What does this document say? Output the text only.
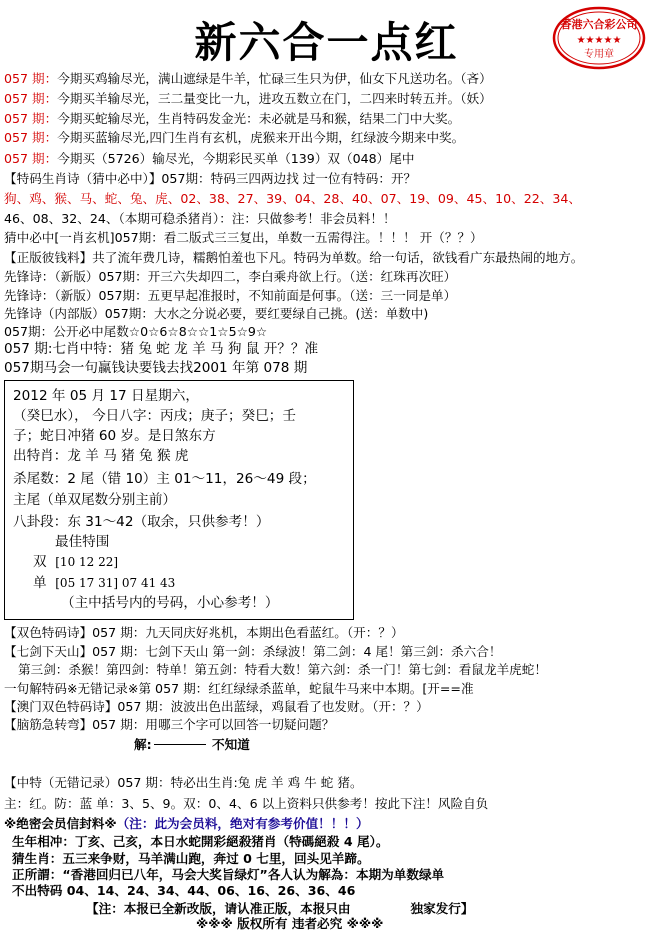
新六合一点红	香港六合彩公司
★★★★★
专用章
057 期：今期买鸡输尽光，满山遮绿是牛羊，忙碌三生只为伊，仙女下凡送功名。（吝）
057 期：今期买羊输尽光，三二量变比一九，进攻五数立在门，二四来时转五并。（妖）
057 期：今期买蛇输尽光，生肖特码发金光：未必就是马和猴，结果二门中大奖。
057 期：今期买蓝输尽光,四门生肖有玄机，虎猴来开出今期，红绿波今期来中奖。
057 期：今期买（5726）输尽光，今期彩民买单（139）双（048）尾中
【特码生肖诗（猜中必中）】057期：特码三四两边找 过一位有特码：开？
狗、鸡、猴、马、蛇、兔、虎、02、38、27、39、04、28、40、07、19、09、45、10、22、34、
46、08、32、24、（本期可稳杀猪肖）：注：只做参考！非会员料！！
猜中必中[一肖玄机]057期：看二版式三三复出，单数一五需得注。！！！ 开（？？）
【正版彼钱料】共了流年费几诗，糯鹅怕羞也下凡。特码为单数。给一句话，欲钱看广东最热闹的地方。
先锋诗：（新版）057期：开三六失却四二，李白乘舟欲上行。（送：红珠再次旺）
先锋诗：（新版）057期：五更早起准报时，不知前面是何事。（送：三一同是单）
先锋诗（内部版）057期：大水之分说必要，要红要绿自己挑。(送：单数中)
057期：公开必中尾数☆0☆6☆8☆☆1☆5☆9☆
057 期:七肖中特：猪 兔 蛇 龙 羊 马 狗 鼠 开？？准
057期马会一句赢钱诀要钱去找2001 年第 078 期
2012 年 05 月 17 日星期六，
（癸巳水）， 今日八字：丙戌；庚子；癸巳；壬
子；蛇日冲猪 60 岁。是日煞东方
出特肖：龙 羊 马 猪 兔 猴 虎
杀尾数：2 尾（错 10）主 01～11，26～49 段；
主尾（单双尾数分别主前）
八卦段：东 31～42（取余，只供参考！）
最佳特围
双 [10 12 22]
单 [05 17 31] 07 41 43
（主中括号内的号码，小心参考！）
【双色特码诗】057 期：九天同庆好兆机，本期出色看蓝红。（开：？）
【七剑下天山】057 期：七剑下天山 第一剑：杀绿波！第二剑：4 尾！第三剑：杀六合！
第三剑：杀猴！第四剑：特单！第五剑：特看大数！第六剑：杀一门！第七剑：看鼠龙羊虎蛇！
一句解特码※无错记录※第 057 期：红红绿绿杀蓝单，蛇鼠牛马来中本期。[开==准
【澳门双色特码诗】057 期：波波出色出蓝绿，鸡鼠看了也发财。（开：？）
【脑筋急转弯】057 期：用哪三个字可以回答一切疑问题？
解:	不知道
【中特（无错记录）057 期：特必出生肖:兔 虎 羊 鸡 牛 蛇 猪。
主：红。防：蓝 单：3、5、9。双：0、4、6 以上资料只供参考！按此下注！风险自负
※绝密会员信封料※（注：此为会员料，绝对有参考价值！！！）
生年相冲：丁亥、己亥，本日水蛇開彩絕殺猪肖（特碼絕殺 4 尾）。
猜生肖：五三来争财，马羊满山跑，奔过 0 七里，回头见羊蹄。
正所謂：“香港回归已八年，马会大奖旨绿灯”各人认为解為：本期为单数绿单
不出特码 04、14、24、34、44、06、16、26、36、46
【注：本报已全新改版，请认准正版，本报只由	独家发行】
※※※ 版权所有 违者必究 ※※※
